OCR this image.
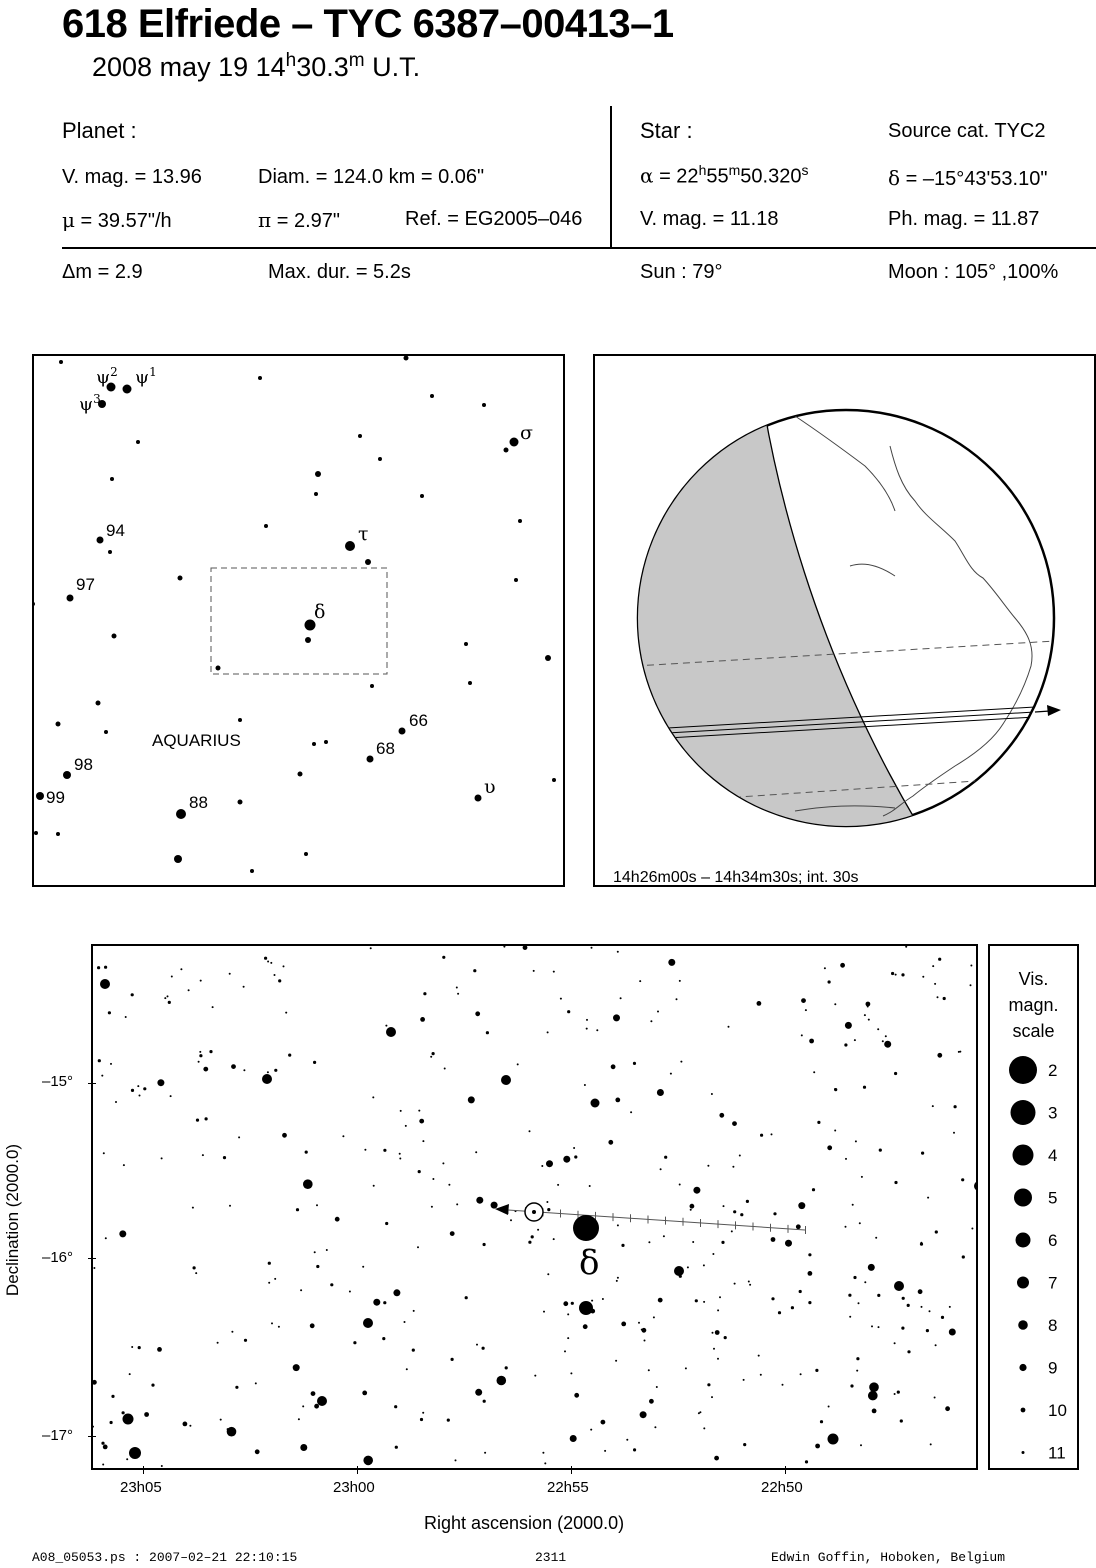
618 Elfriede – TYC 6387–00413–1
2008 may 19 14$^h$30.3$^m$ U.T.
Planet :
V. mag. = 13.96	Diam. = 124.0 km = 0.06"
μ = 39.57"/h	π = 2.97"	Ref. = EG2005–046
Star :	Source cat. TYC2
$\alpha = 22^h55^m50.320^s$	δ = –15°43'53.10"
V. mag. = 11.18	Ph. mag. = 11.87
Δm = 2.9	Max. dur. = 5.2s	Sun : 79°	Moon : 105° ,100%
$\psi^2$ $\psi^1$
$\psi^3$
σ
τ
δ
υ
94
97
66
68
98
99	88
AQUARIUS
14h26m00s – 14h34m30s; int. 30s
δ
–15°
–16°
–17°
23h05	23h00	22h55	22h50
Declination (2000.0)
Right ascension (2000.0)
Vis.
magn.
scale
2
3
4
5
6
7
8
9
10
11
A08_05053.ps : 2007–02–21 22:10:15	2311	Edwin Goffin, Hoboken, Belgium
